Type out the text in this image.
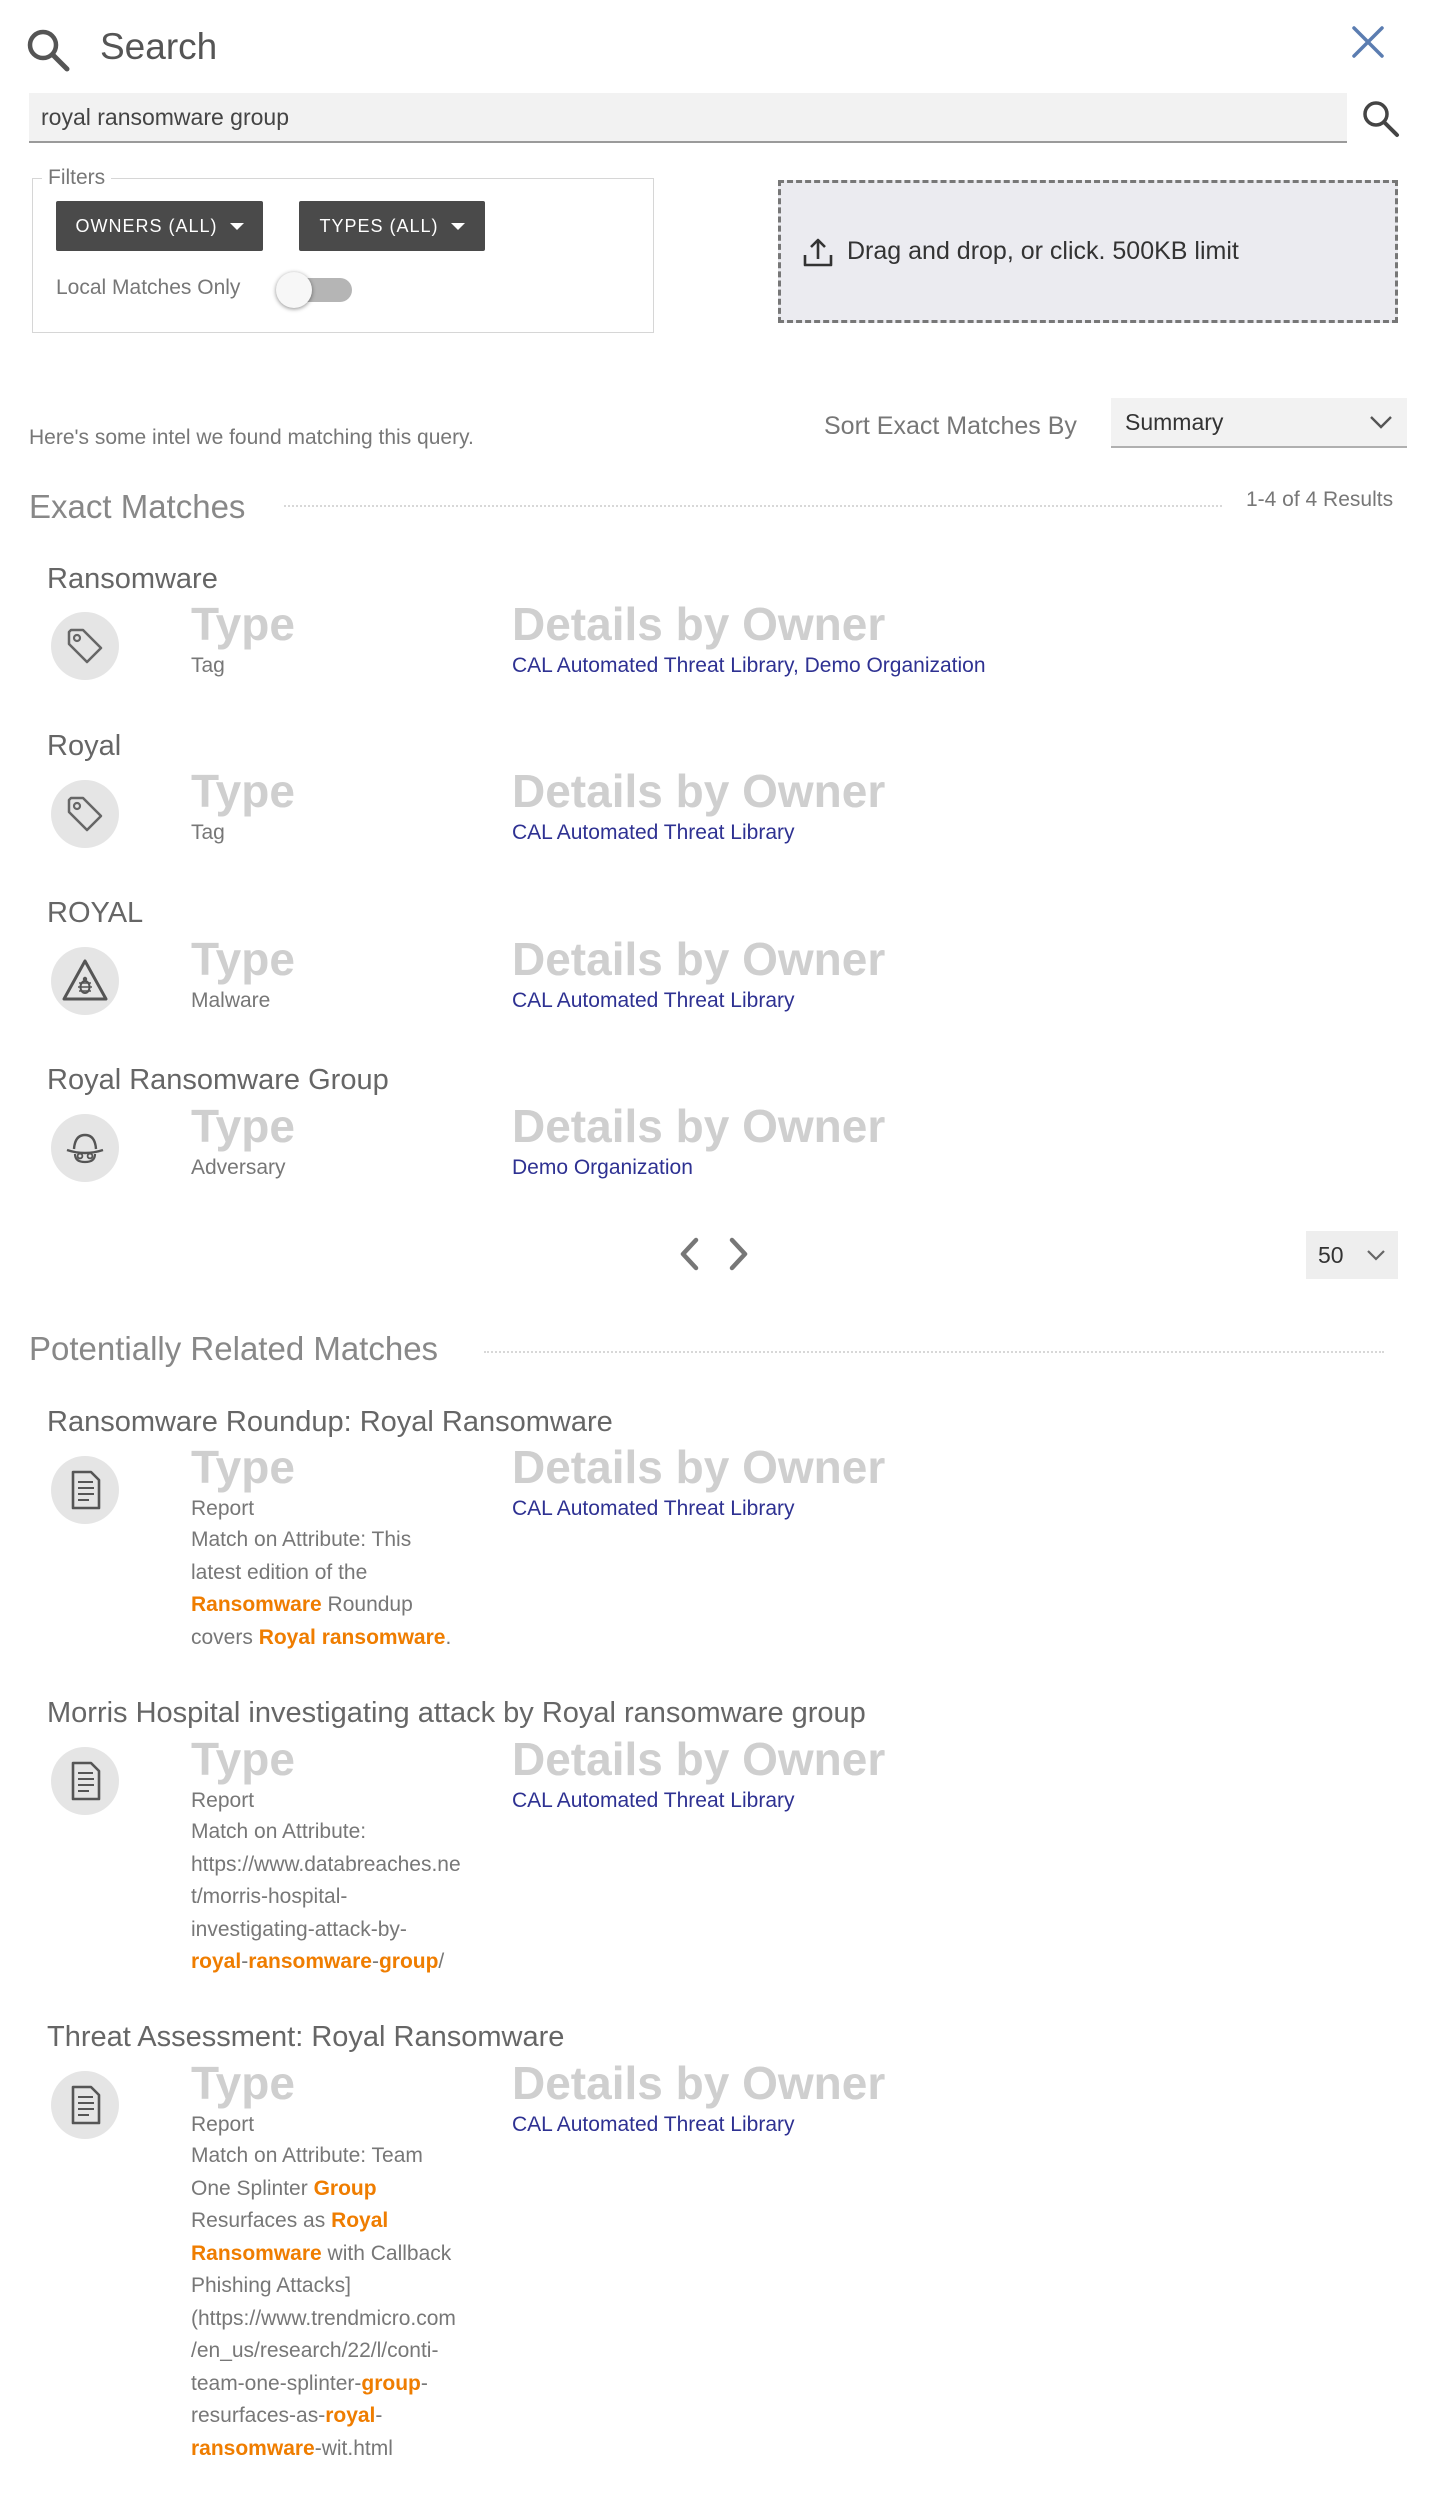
Search
royal ransomware group
Filters
OWNERS (ALL)	TYPES (ALL)
Local Matches Only
Drag and drop, or click. 500KB limit
Here's some intel we found matching this query.	Sort Exact Matches By Summary
Exact Matches	1-4 of 4 Results
Ransomware
Type
Tag
Details by Owner
CAL Automated Threat Library, Demo Organization
Royal
Type
Tag
Details by Owner
CAL Automated Threat Library
ROYAL
Type
Malware
Details by Owner
CAL Automated Threat Library
Royal Ransomware Group
Type
Adversary
Details by Owner
Demo Organization
50
Potentially Related Matches
Ransomware Roundup: Royal Ransomware
Type
Report
Match on Attribute: This
latest edition of the
Ransomware Roundup
covers Royal ransomware.
Details by Owner
CAL Automated Threat Library
Morris Hospital investigating attack by Royal ransomware group
Type
Report
Match on Attribute:
https://www.databreaches.ne
t/morris-hospital-
investigating-attack-by-
royal-ransomware-group/
Details by Owner
CAL Automated Threat Library
Threat Assessment: Royal Ransomware
Type
Report
Match on Attribute: Team
One Splinter Group
Resurfaces as Royal
Ransomware with Callback
Phishing Attacks]
(https://www.trendmicro.com
/en_us/research/22/l/conti-
team-one-splinter-group-
resurfaces-as-royal-
ransomware-wit.html
Details by Owner
CAL Automated Threat Library
